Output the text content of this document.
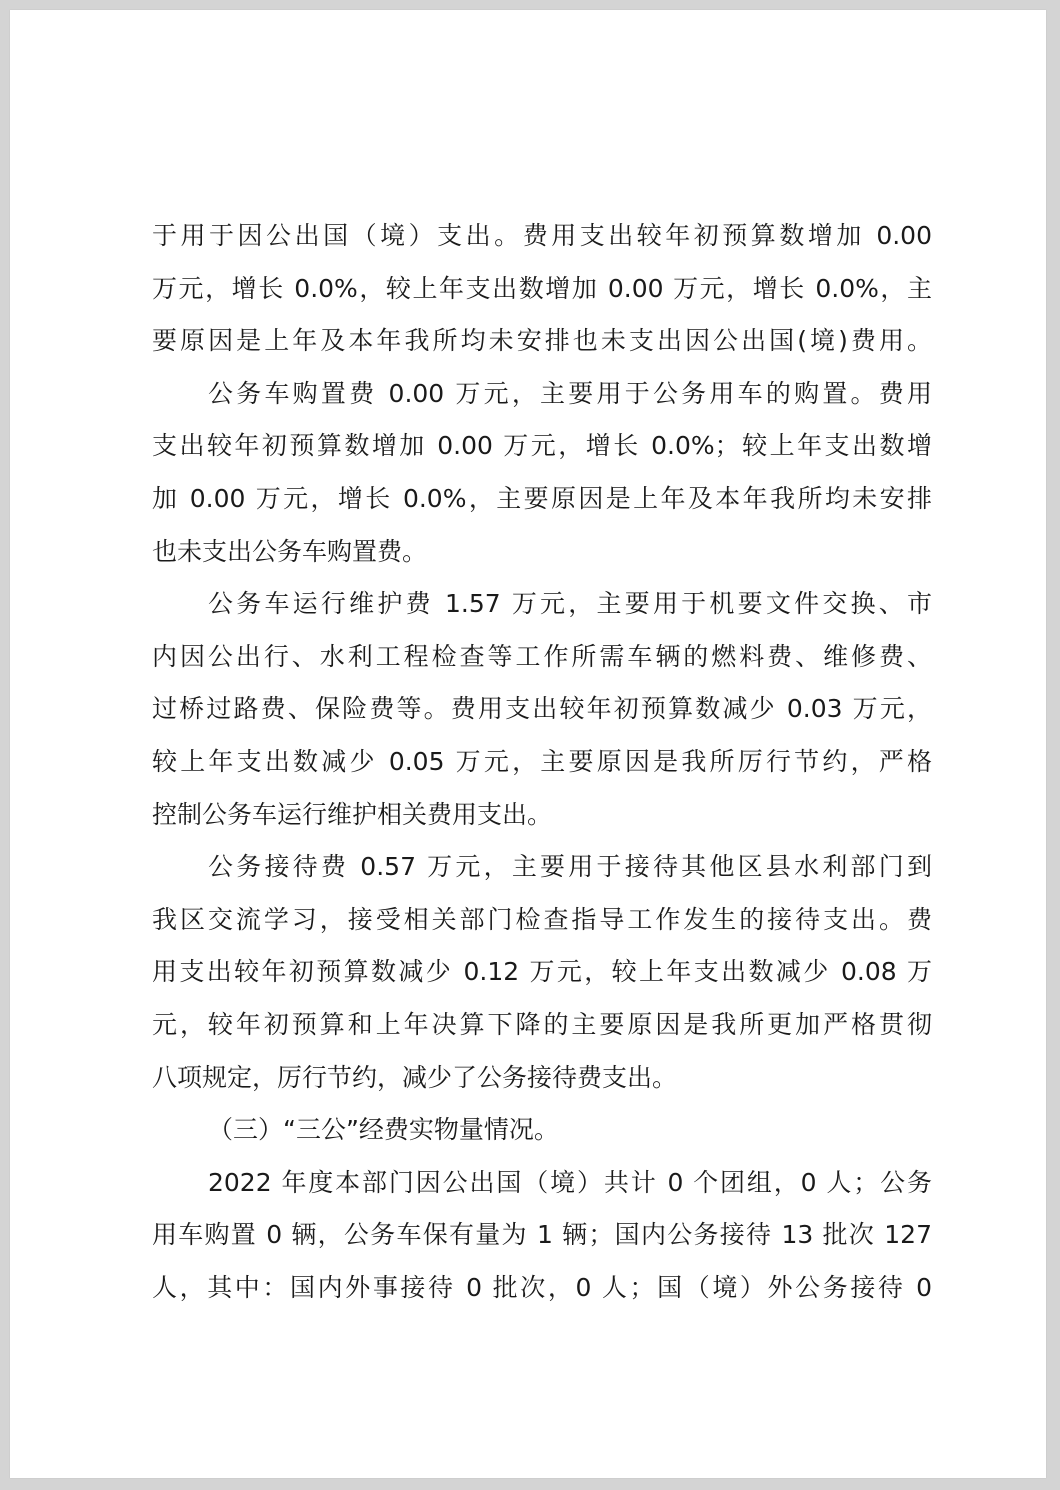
于用于因公出国（境）支出。费用支出较年初预算数增加 0.00
万元，增长 0.0%，较上年支出数增加 0.00 万元，增长 0.0%，主
要原因是上年及本年我所均未安排也未支出因公出国(境)费用。
公务车购置费 0.00 万元，主要用于公务用车的购置。费用
支出较年初预算数增加 0.00 万元，增长 0.0%；较上年支出数增
加 0.00 万元，增长 0.0%，主要原因是上年及本年我所均未安排
也未支出公务车购置费。
公务车运行维护费 1.57 万元，主要用于机要文件交换、市
内因公出行、水利工程检查等工作所需车辆的燃料费、维修费、
过桥过路费、保险费等。费用支出较年初预算数减少 0.03 万元，
较上年支出数减少 0.05 万元，主要原因是我所厉行节约，严格
控制公务车运行维护相关费用支出。
公务接待费 0.57 万元，主要用于接待其他区县水利部门到
我区交流学习，接受相关部门检查指导工作发生的接待支出。费
用支出较年初预算数减少 0.12 万元，较上年支出数减少 0.08 万
元，较年初预算和上年决算下降的主要原因是我所更加严格贯彻
八项规定，厉行节约，减少了公务接待费支出。
（三）“三公”经费实物量情况。
2022 年度本部门因公出国（境）共计 0 个团组，0 人；公务
用车购置 0 辆，公务车保有量为 1 辆；国内公务接待 13 批次 127
人，其中：国内外事接待 0 批次，0 人；国（境）外公务接待 0
